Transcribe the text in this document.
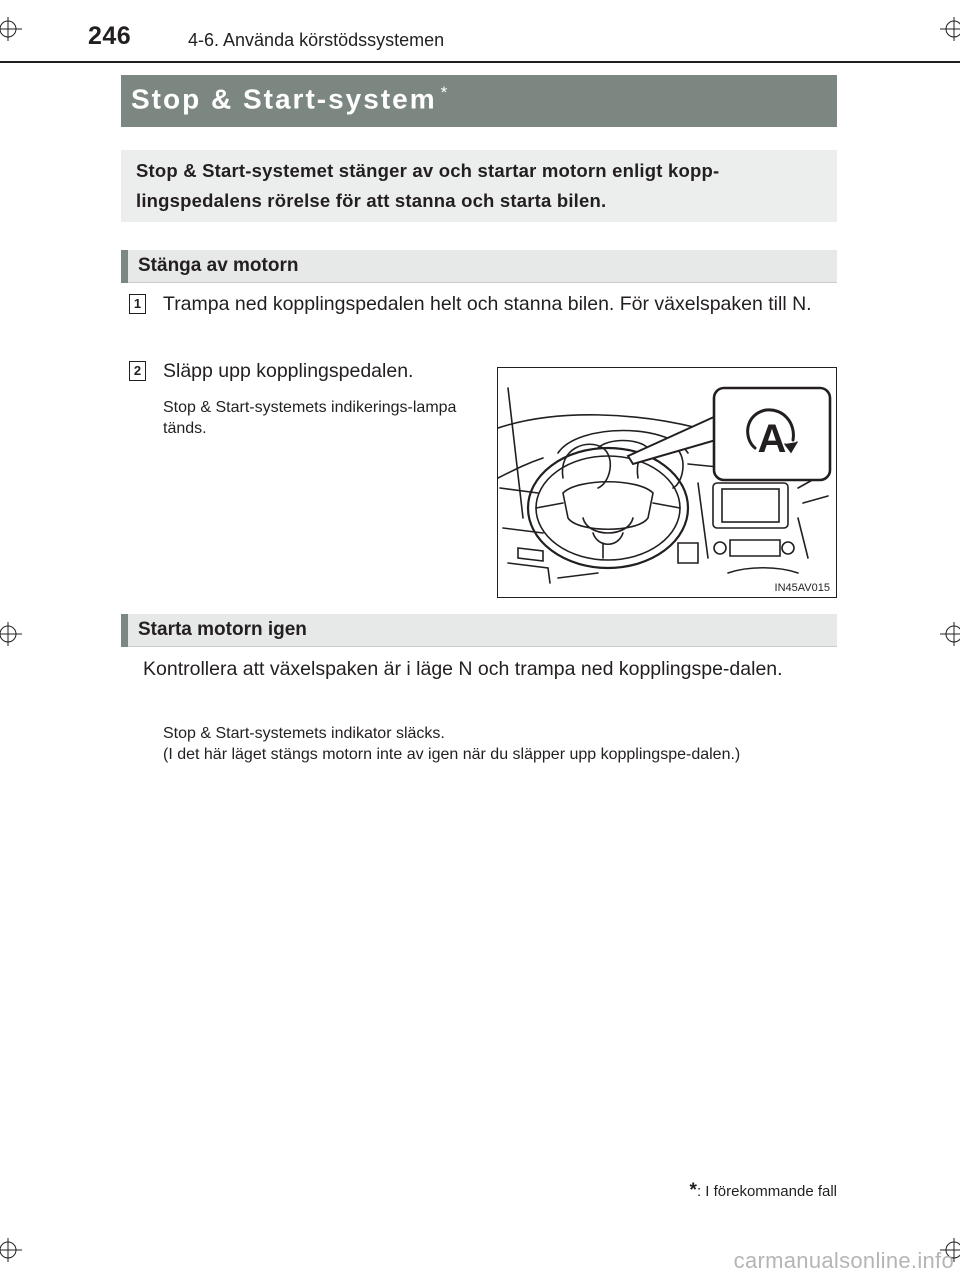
246	4-6. Använda körstödssystemen
Stop & Start-system *

Stop & Start-systemet stänger av och startar motorn enligt kopp-lingspedalens rörelse för att stanna och starta bilen.

Stänga av motorn
1 Trampa ned kopplingspedalen helt och stanna bilen. För växelspaken till N.
2 Släpp upp kopplingspedalen.
Stop & Start-systemets indikerings-lampa tänds.	A
IN45AV015
Starta motorn igen
Kontrollera att växelspaken är i läge N och trampa ned kopplingspe-dalen.
Stop & Start-systemets indikator släcks.
(I det här läget stängs motorn inte av igen när du släpper upp kopplingspe-dalen.)
*: I förekommande fall
carmanualsonline.info
